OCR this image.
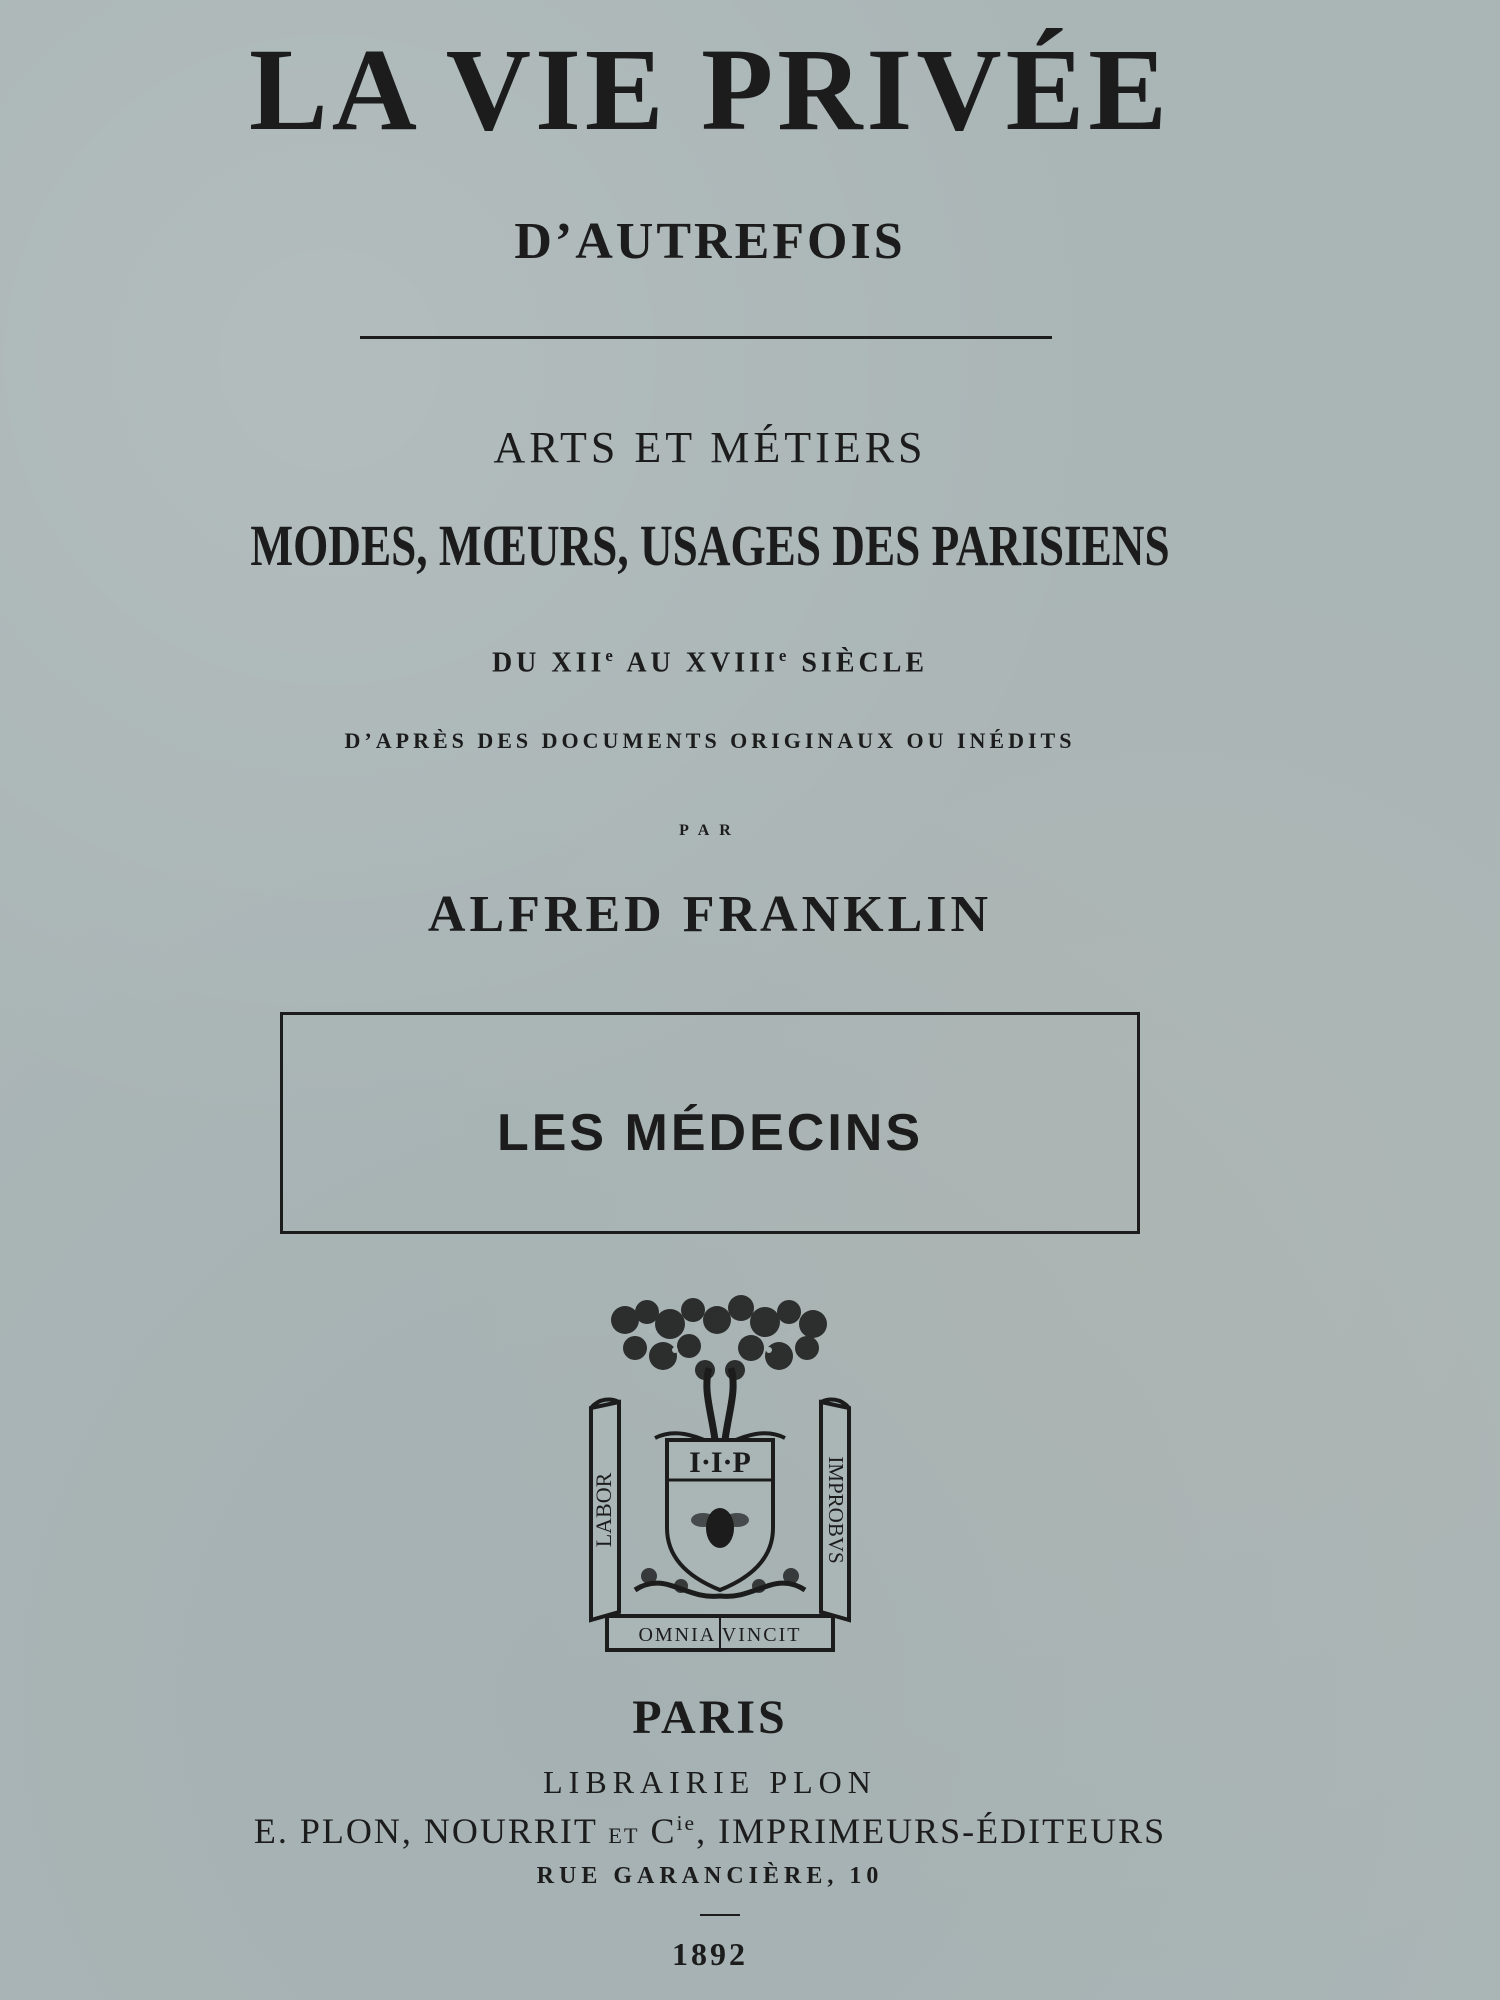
LA VIE PRIVÉE
D’AUTREFOIS
ARTS ET MÉTIERS
MODES, MŒURS, USAGES DES PARISIENS
DU XIIe AU XVIIIe SIÈCLE
D’APRÈS DES DOCUMENTS ORIGINAUX OU INÉDITS
PAR
ALFRED FRANKLIN
LES MÉDECINS
I·I·P
LABOR	IMPROBVS
OMNIA VINCIT
PARIS
LIBRAIRIE PLON
E. PLON, NOURRIT ET $C^{ie}$, IMPRIMEURS-ÉDITEURS
RUE GARANCIÈRE, 10
1892
